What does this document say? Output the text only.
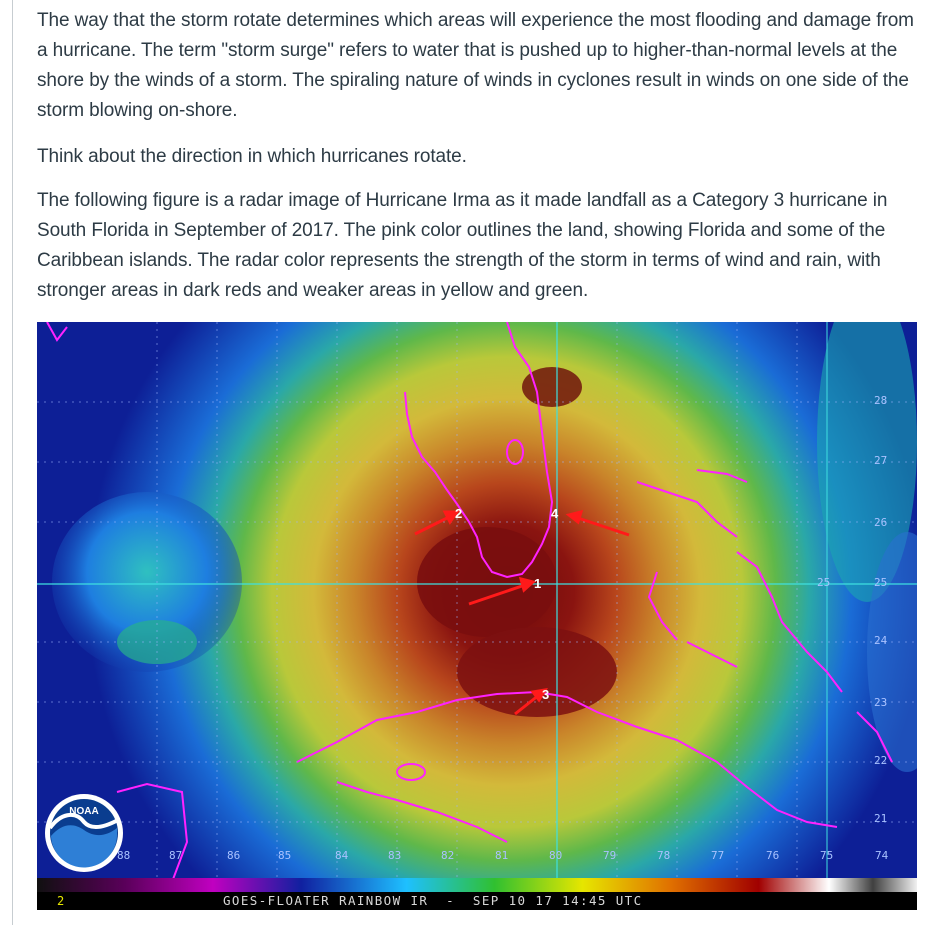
The way that the storm rotate determines which areas will experience the most flooding and damage from a hurricane. The term "storm surge" refers to water that is pushed up to higher-than-normal levels at the shore by the winds of a storm. The spiraling nature of winds in cyclones result in winds on one side of the storm blowing on-shore.

Think about the direction in which hurricanes rotate.

The following figure is a radar image of Hurricane Irma as it made landfall as a Category 3 hurricane in South Florida in September of 2017. The pink color outlines the land, showing Florida and some of the Caribbean islands. The radar color represents the strength of the storm in terms of wind and rain, with stronger areas in dark reds and weaker areas in yellow and green.

1
2
3
4
88	87	86	85	84	83	82	81	80	79	78	77	76	75	74
28
27
26
25
24
23
22
21
25
NOAA
2	GOES-FLOATER RAINBOW IR  -  SEP 10 17 14:45 UTC
